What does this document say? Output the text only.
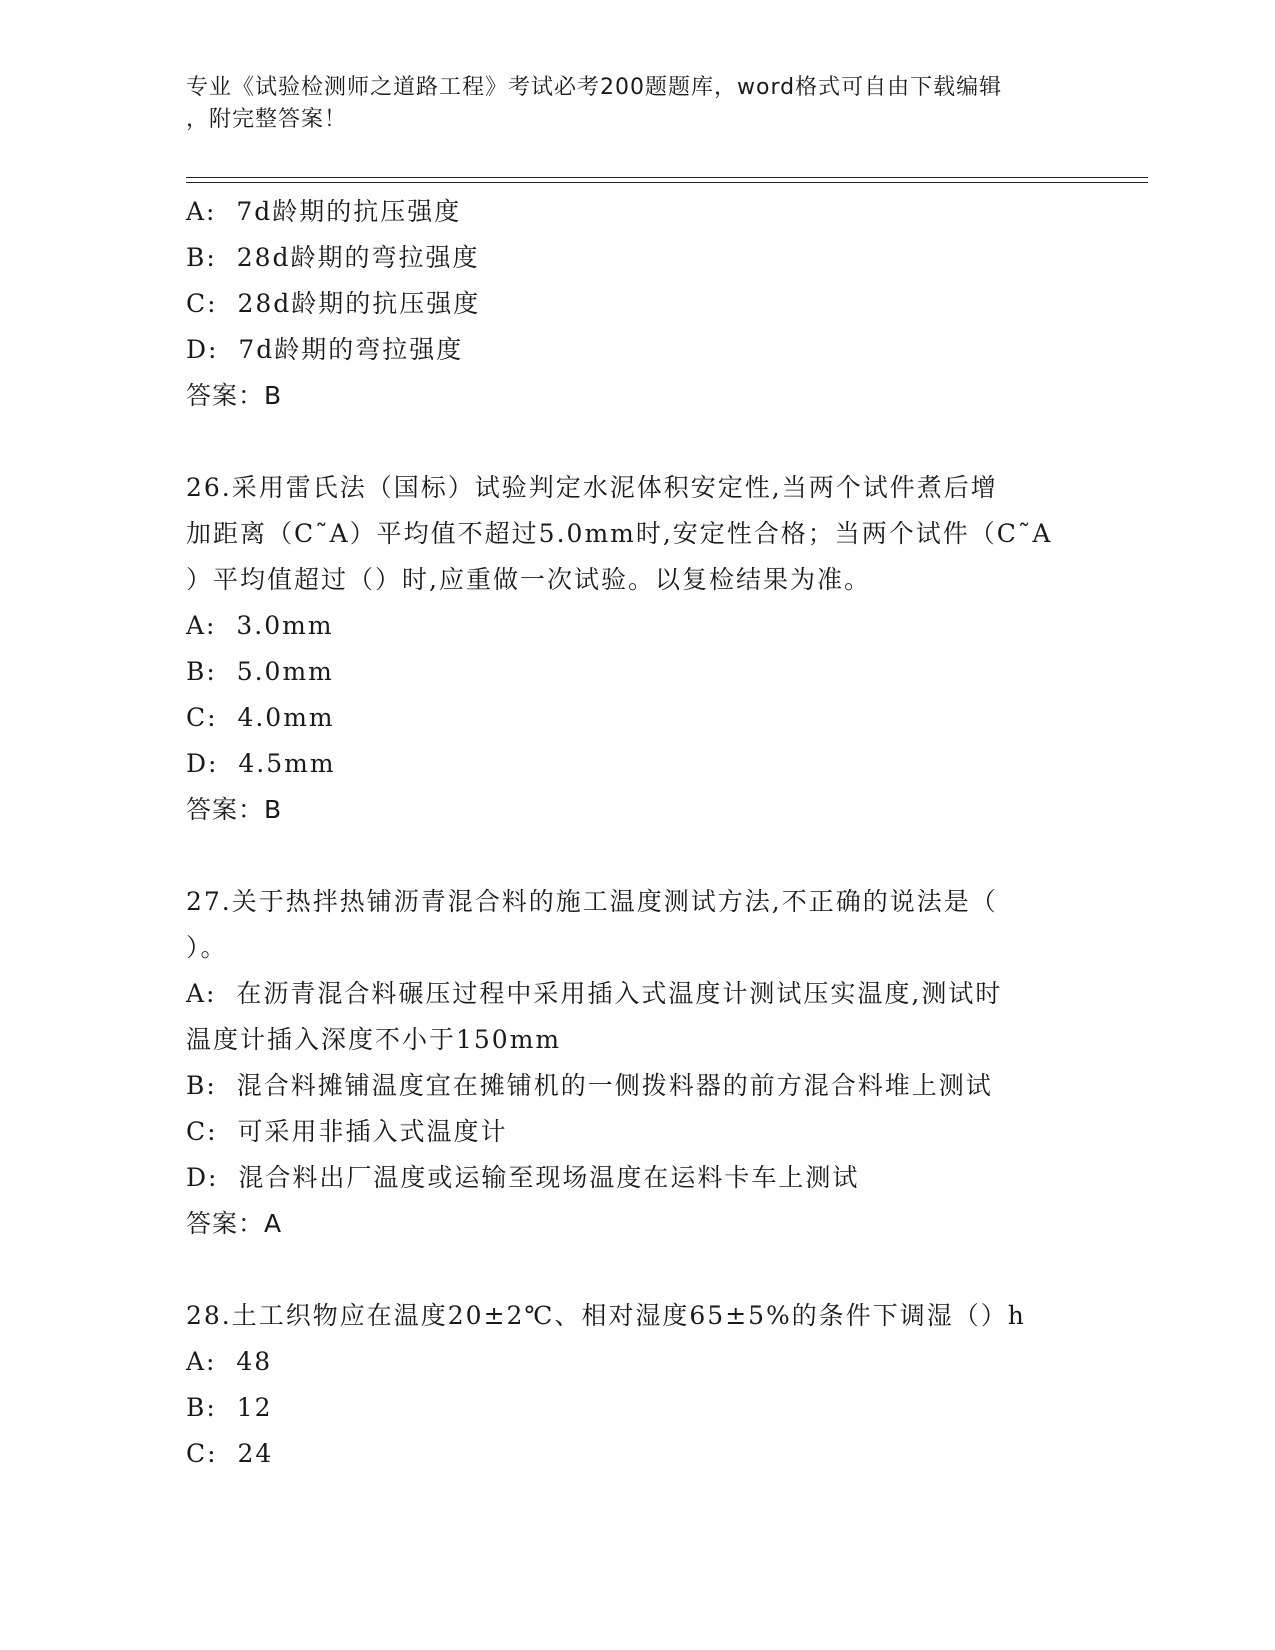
专业《试验检测师之道路工程》考试必考200题题库，word格式可自由下载编辑
，附完整答案！
A:  7d龄期的抗压强度
B:  28d龄期的弯拉强度
C:  28d龄期的抗压强度
D:  7d龄期的弯拉强度
答案：B
26.采用雷氏法（国标）试验判定水泥体积安定性,当两个试件煮后增
加距离（C˜A）平均值不超过5.0mm时,安定性合格；当两个试件（C˜A
）平均值超过（）时,应重做一次试验。以复检结果为准。
A:  3.0mm
B:  5.0mm
C:  4.0mm
D:  4.5mm
答案：B
27.关于热拌热铺沥青混合料的施工温度测试方法,不正确的说法是（
）。
A:  在沥青混合料碾压过程中采用插入式温度计测试压实温度,测试时
温度计插入深度不小于150mm
B:  混合料摊铺温度宜在摊铺机的一侧拨料器的前方混合料堆上测试
C:  可采用非插入式温度计
D:  混合料出厂温度或运输至现场温度在运料卡车上测试
答案：A
28.土工织物应在温度20±2℃、相对湿度65±5%的条件下调湿（）h
A:  48
B:  12
C:  24
